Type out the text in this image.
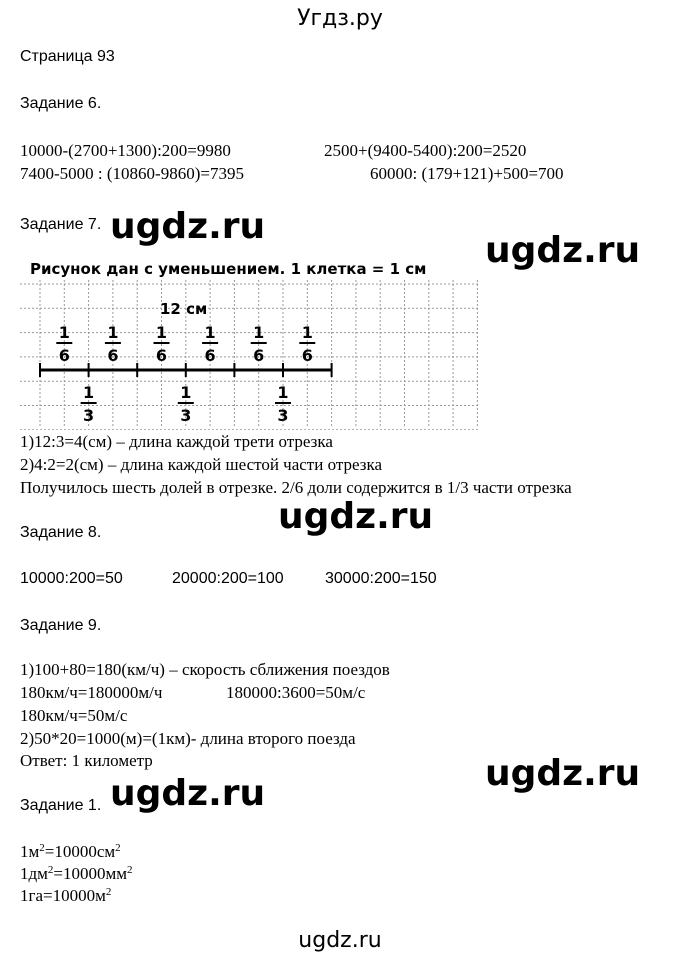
Угдз.ру
Страница 93
Задание 6.
10000-(2700+1300):200=9980	2500+(9400-5400):200=2520
7400-5000 : (10860-9860)=7395	60000: (179+121)+500=700
Задание 7.
Рисунок дан с уменьшением. 1 клетка = 1 см
12 см
1
6
1
6
1
6
1
6
1
6
1
6
1
3
1
3
1
3
1)12:3=4(см) – длина каждой трети отрезка
2)4:2=2(см) – длина каждой шестой части отрезка
Получилось шесть долей в отрезке. 2/6 доли содержится в 1/3 части отрезка
Задание 8.
10000:200=50	20000:200=100	30000:200=150
Задание 9.
1)100+80=180(км/ч) – скорость сближения поездов
180км/ч=180000м/ч	180000:3600=50м/с
180км/ч=50м/с
2)50*20=1000(м)=(1км)- длина второго поезда
Ответ: 1 километр
Задание 1.
$1м^2=10000см^2$
$1дм^2=10000мм^2$
$1га=10000м^2$
ugdz.ru
ugdz.ru
ugdz.ru
ugdz.ru
ugdz.ru
ugdz.ru
